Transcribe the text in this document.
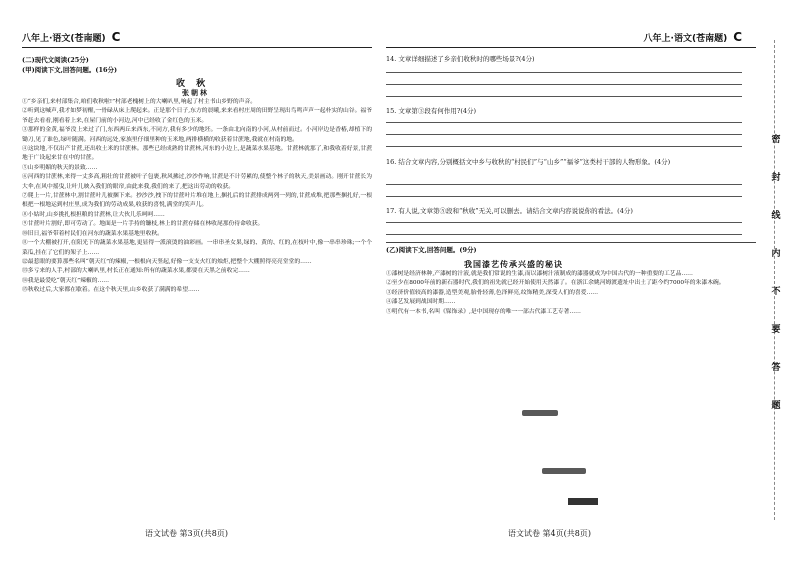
八年上·语文(苍南题) C
(二)现代文阅读(25分)
(甲)阅读下文,回答问题。(16分)
收 秋
张朝林
①“乡亲们,来村部集合,咱们收秋啦!”村部老槐树上的大喇叭里,响起了村主书山乡野的声音。
②听到这喊声,我才如梦初醒,一骨碌从床上爬起来。正是那个日子,东方的晨曦,来来看村庄周的田野呈现出鸟鸣声声一起朴实的山谷。福爷爷赶去看看,刚看着上来,在屋门前的小河边,河中已经收了金红色的玉米。
③那样的金黄,福爷没上来过了门,东西两丘来西东,不同方,我有多少的地坯。一条由北向南的小河,从村前而过。小河岸边是香椿,却植下的锄刀,见了谁色,绿叶随满。河西的远处,家族里仔细里种的玉米地,两排横横的收获着甘蔗地,我就在村南的地。
④这块地,不仅出产甘蔗,还出收土米的甘蔗林。那些已经成熟的甘蔗林,河东的小边上,是蔬菜水果基地。甘蔗林就那了,和我收着好景,甘蔗地于广设起来甘在中的甘蔗。
⑤山乡明媚的秋天的景致……
⑥河西的甘蔗林,来得一丈多高,粗壮的甘蔗被叶子包裹,秋风拂过,沙沙作响,甘蔗是不计劳累的,使整个林子的秋天,美景画动。刚开甘蔗长为大伞,在风中摇曳,让叶儿映入我们的眼帘,由此来我,我们的来了,把这出劳动的收获。
⑦爬上一片,甘蔗林中,割甘蔗叶儿被捆下来。抄沙沙,拽下的甘蔗叶片堆在地上,捆扎后的甘蔗排成两列一列的,甘蔗成堆,把那些捆扎好,一根根把一根地运到村庄里,成为我们的劳动成果,收获的喜悦,满堂的笑声儿。
⑧小姑时,山乡挑扎根担粮的甘蔗林,让大伙儿乐呵呵……
⑨甘蔗叶片割好,即可劳动了。地面是一片手持的镰枝,林上的甘蔗存储在林收尾那份待命收获。
⑩旧日,福爷带着村民们在河东的蔬菜水果基地里收秋。
⑪一个大棚被打开,在阳光下的蔬菜水果基地,更显得一派滚烫的油彩画。一串串圣女果,绿的、黄的、红的,在枝叶中,像一串串珍珠;一个个菜瓜,挂在了它们的架子上……
⑫最惹眼的要算那些名叫“朝天红”的辣椒,一根根向天竖起,好像一支支火红的烛炬,把整个大棚照得亮亮堂堂的……
⑬多亏来的人手,村部的大喇叭里,村长正在通知:所有的蔬菜水果,都要在天黑之前收完……
⑭我是最爱吃“朝天红”辣椒的……
⑮秋收过后,大家都在歇着。在这个秋天里,山乡收获了满满的希望……
语文试卷 第3页(共8页)
八年上·语文(苍南题) C
14. 文章详细描述了乡亲们收秋时的哪些场景?(4分)
15. 文章第③段有何作用?(4分)
16. 结合文章内容,分别概括文中乡与收秋的“村民们”与“山乡”“福爷”这类村干部的人物形象。(4分)
17. 有人说,文章第⑤段和“秋收”无关,可以删去。请结合文章内容说说你的看法。(4分)
(乙)阅读下文,回答问题。(9分)
我国漆艺传承兴盛的秘诀
①漆树是经济林种,产漆树的汁液,就是我们常说的生漆,而以漆树汁液制成的漆器就成为中国古代的一种重要的工艺品……
②至少在8000年前的新石器时代,我们的祖先就已经开始使用天然漆了。在浙江余姚河姆渡遗址中出土了距今约7000年的朱漆木碗。
③经济价值较高的漆器,造型美观,胎骨轻薄,色泽鲜亮,纹饰精美,深受人们的喜爱……
④漆艺发展到战国时期……
⑤明代有一本书,名叫《髹饰录》,是中国现存的唯一一部古代漆工艺专著……
语文试卷 第4页(共8页)
密
封
线
内
不
要
答
题
